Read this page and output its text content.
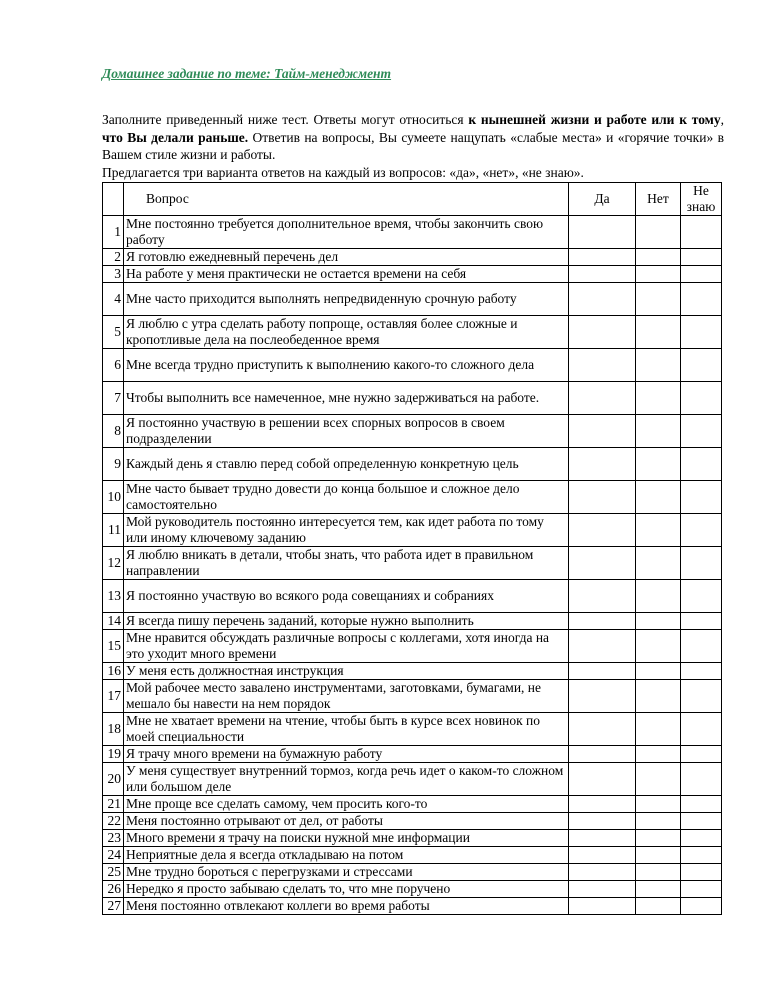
Домашнее задание по теме: Тайм-менеджмент

Заполните приведенный ниже тест. Ответы могут относиться к нынешней жизни и работе или к тому, что Вы делали раньше. Ответив на вопросы, Вы сумеете нащупать «слабые места» и «горячие точки» в Вашем стиле жизни и работы.

Предлагается три варианта ответов на каждый из вопросов: «да», «нет», «не знаю».

	Вопрос	Да	Нет	Не знаю
1	Мне постоянно требуется дополнительное время, чтобы закончить свою работу			
2	Я готовлю ежедневный перечень дел			
3	На работе у меня практически не остается времени на себя			
4	Мне часто приходится выполнять непредвиденную срочную работу			
5	Я люблю с утра сделать работу попроще, оставляя более сложные и кропотливые дела на послеобеденное время			
6	Мне всегда трудно приступить к выполнению какого-то сложного дела			
7	Чтобы выполнить все намеченное, мне нужно задерживаться на работе.			
8	Я постоянно участвую в решении всех спорных вопросов в своем подразделении			
9	Каждый день я ставлю перед собой определенную конкретную цель			
10	Мне часто бывает трудно довести до конца большое и сложное дело самостоятельно			
11	Мой руководитель постоянно интересуется тем, как идет работа по тому или иному ключевому заданию			
12	Я люблю вникать в детали, чтобы знать, что работа идет в правильном направлении			
13	Я постоянно участвую во всякого рода совещаниях и собраниях			
14	Я всегда пишу перечень заданий, которые нужно выполнить			
15	Мне нравится обсуждать различные вопросы с коллегами, хотя иногда на это уходит много времени			
16	У меня есть должностная инструкция			
17	Мой рабочее место завалено инструментами, заготовками, бумагами, не мешало бы навести на нем порядок			
18	Мне не хватает времени на чтение, чтобы быть в курсе всех новинок по моей специальности			
19	Я трачу много времени на бумажную работу			
20	У меня существует внутренний тормоз, когда речь идет о каком-то сложном или большом деле			
21	Мне проще все сделать самому, чем просить кого-то			
22	Меня постоянно отрывают от дел, от работы			
23	Много времени я трачу на поиски нужной мне информации			
24	Неприятные дела я всегда откладываю на потом			
25	Мне трудно бороться с перегрузками и стрессами			
26	Нередко я просто забываю сделать то, что мне поручено			
27	Меня постоянно отвлекают коллеги во время работы			
